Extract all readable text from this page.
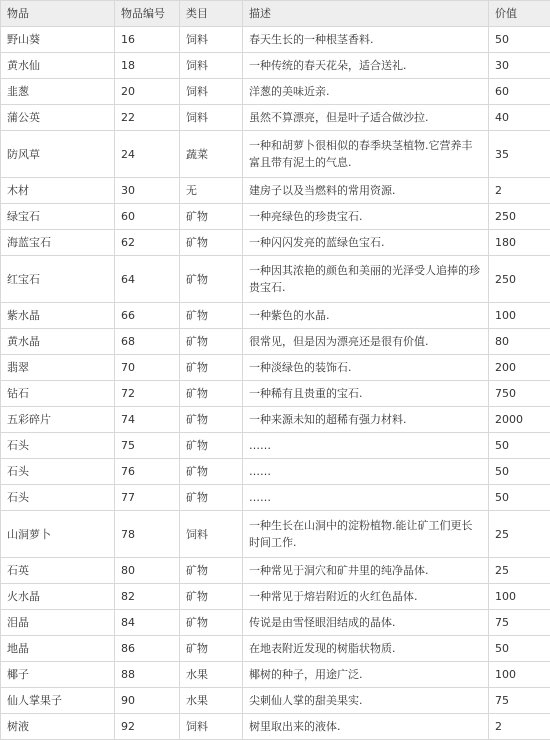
物品	物品编号	类目	描述	价值
野山葵	16	饲料	春天生长的一种根茎香料.	50
黄水仙	18	饲料	一种传统的春天花朵，适合送礼.	30
韭葱	20	饲料	洋葱的美味近亲.	60
蒲公英	22	饲料	虽然不算漂亮，但是叶子适合做沙拉.	40
防风草	24	蔬菜	一种和胡萝卜很相似的春季块茎植物.它营养丰富且带有泥土的气息.	35
木材	30	无	建房子以及当燃料的常用资源.	2
绿宝石	60	矿物	一种亮绿色的珍贵宝石.	250
海蓝宝石	62	矿物	一种闪闪发亮的蓝绿色宝石.	180
红宝石	64	矿物	一种因其浓艳的颜色和美丽的光泽受人追捧的珍贵宝石.	250
紫水晶	66	矿物	一种紫色的水晶.	100
黄水晶	68	矿物	很常见，但是因为漂亮还是很有价值.	80
翡翠	70	矿物	一种淡绿色的装饰石.	200
钻石	72	矿物	一种稀有且贵重的宝石.	750
五彩碎片	74	矿物	一种来源未知的超稀有强力材料.	2000
石头	75	矿物	……	50
石头	76	矿物	……	50
石头	77	矿物	……	50
山洞萝卜	78	饲料	一种生长在山洞中的淀粉植物.能让矿工们更长时间工作.	25
石英	80	矿物	一种常见于洞穴和矿井里的纯净晶体.	25
火水晶	82	矿物	一种常见于熔岩附近的火红色晶体.	100
泪晶	84	矿物	传说是由雪怪眼泪结成的晶体.	75
地晶	86	矿物	在地表附近发现的树脂状物质.	50
椰子	88	水果	椰树的种子，用途广泛.	100
仙人掌果子	90	水果	尖刺仙人掌的甜美果实.	75
树液	92	饲料	树里取出来的液体.	2
